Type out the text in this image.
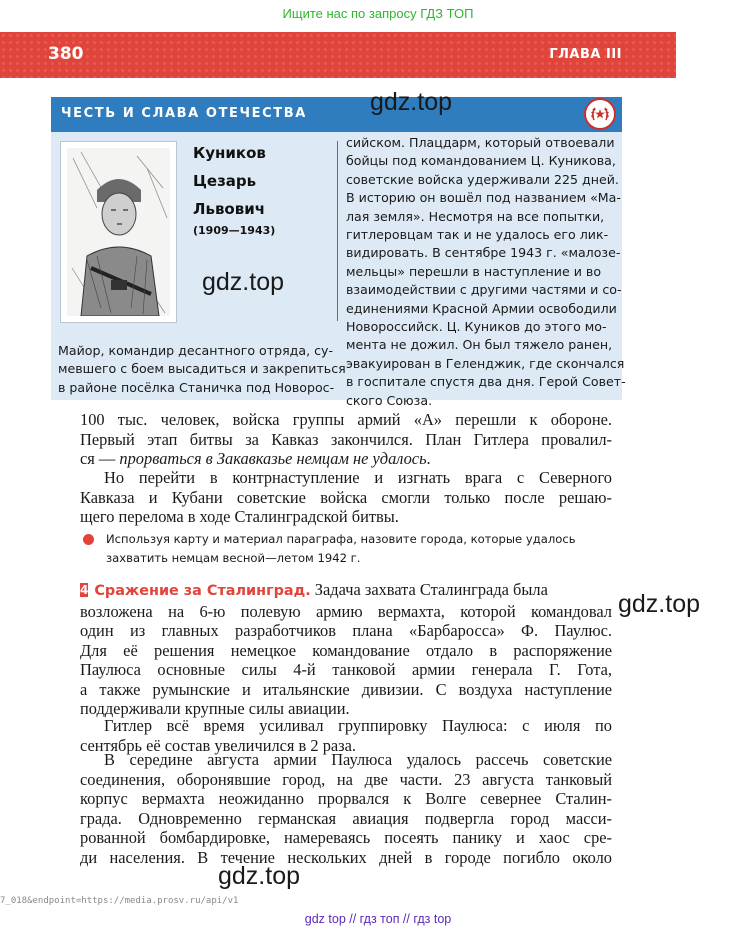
Ищите нас по запросу ГДЗ ТОП
380	ГЛАВА III
ЧЕСТЬ И СЛАВА ОТЕЧЕСТВА
Куников
Цезарь
Львович
(1909—1943)
Майор, командир десантного отряда, су-
мевшего с боем высадиться и закрепиться
в районе посёлка Станичка под Новорос-
сийском. Плацдарм, который отвоевали
бойцы под командованием Ц. Куникова,
советские войска удерживали 225 дней.
В историю он вошёл под названием «Ма-
лая земля». Несмотря на все попытки,
гитлеровцам так и не удалось его лик-
видировать. В сентябре 1943 г. «малозе-
мельцы» перешли в наступление и во
взаимодействии с другими частями и со-
единениями Красной Армии освободили
Новороссийск. Ц. Куников до этого мо-
мента не дожил. Он был тяжело ранен,
эвакуирован в Геленджик, где скончался
в госпитале спустя два дня. Герой Совет-
ского Союза.
100 тыс. человек, войска группы армий «А» перешли к обороне.
Первый этап битвы за Кавказ закончился. План Гитлера провалил-
ся — прорваться в Закавказье немцам не удалось.
Но перейти в контрнаступление и изгнать врага с Северного
Кавказа и Кубани советские войска смогли только после решаю-
щего перелома в ходе Сталинградской битвы.
Используя карту и материал параграфа, назовите города, которые удалось
захватить немцам весной—летом 1942 г.
4 Сражение за Сталинград. Задача захвата Сталинграда была
возложена на 6-ю полевую армию вермахта, которой командовал
один из главных разработчиков плана «Барбаросса» Ф. Паулюс.
Для её решения немецкое командование отдало в распоряжение
Паулюса основные силы 4-й танковой армии генерала Г. Гота,
а также румынские и итальянские дивизии. С воздуха наступление
поддерживали крупные силы авиации.
Гитлер всё время усиливал группировку Паулюса: с июля по
сентябрь её состав увеличился в 2 раза.
В середине августа армии Паулюса удалось рассечь советские
соединения, оборонявшие город, на две части. 23 августа танковый
корпус вермахта неожиданно прорвался к Волге севернее Сталин-
града. Одновременно германская авиация подвергла город масси-
рованной бомбардировке, намереваясь посеять панику и хаос сре-
ди населения. В течение нескольких дней в городе погибло около
gdz.top
gdz.top
gdz.top
gdz.top
7_018&endpoint=https://media.prosv.ru/api/v1
gdz top // гдз топ // гдз top
